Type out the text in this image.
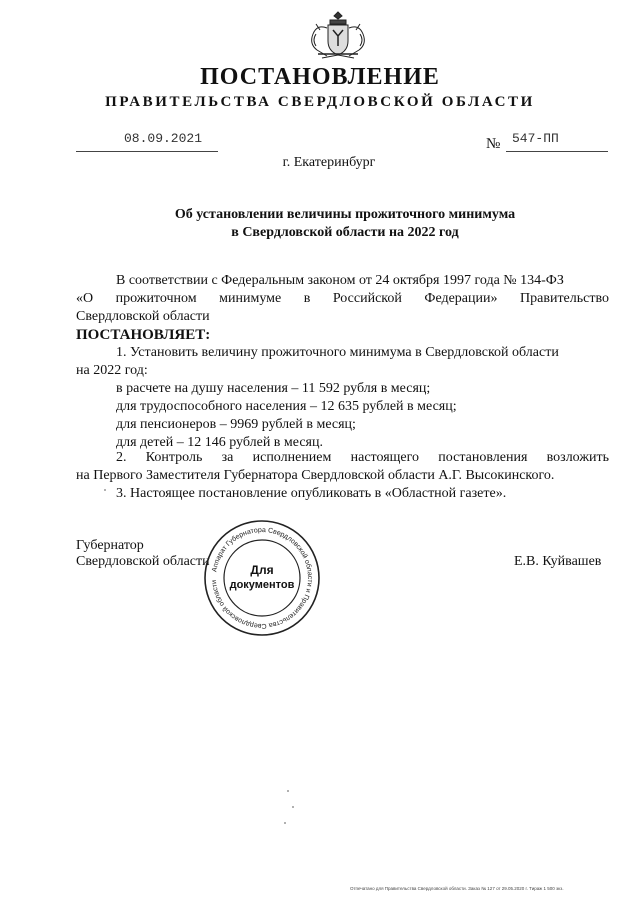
ПОСТАНОВЛЕНИЕ
ПРАВИТЕЛЬСТВА СВЕРДЛОВСКОЙ ОБЛАСТИ
08.09.2021	№ 547-ПП
г. Екатеринбург
Об установлении величины прожиточного минимума
в Свердловской области на 2022 год
В соответствии с Федеральным законом от 24 октября 1997 года № 134-ФЗ
«О прожиточном минимуме в Российской Федерации» Правительство
Свердловской области
ПОСТАНОВЛЯЕТ:
1. Установить величину прожиточного минимума в Свердловской области
на 2022 год:
в расчете на душу населения – 11 592 рубля в месяц;
для трудоспособного населения – 12 635 рублей в месяц;
для пенсионеров – 9969 рублей в месяц;
для детей – 12 146 рублей в месяц.
2. Контроль за исполнением настоящего постановления возложить
на Первого Заместителя Губернатора Свердловской области А.Г. Высокинского.
3. Настоящее постановление опубликовать в «Областной газете».
Губернатор
Свердловской области	Е.В. Куйвашев
Аппарат Губернатора Свердловской области и Правительства Свердловской области
Для
документов
Отпечатано для Правительства Свердловской области. Заказ № 127 от 29.05.2020 г. Тираж 1 500 экз.
